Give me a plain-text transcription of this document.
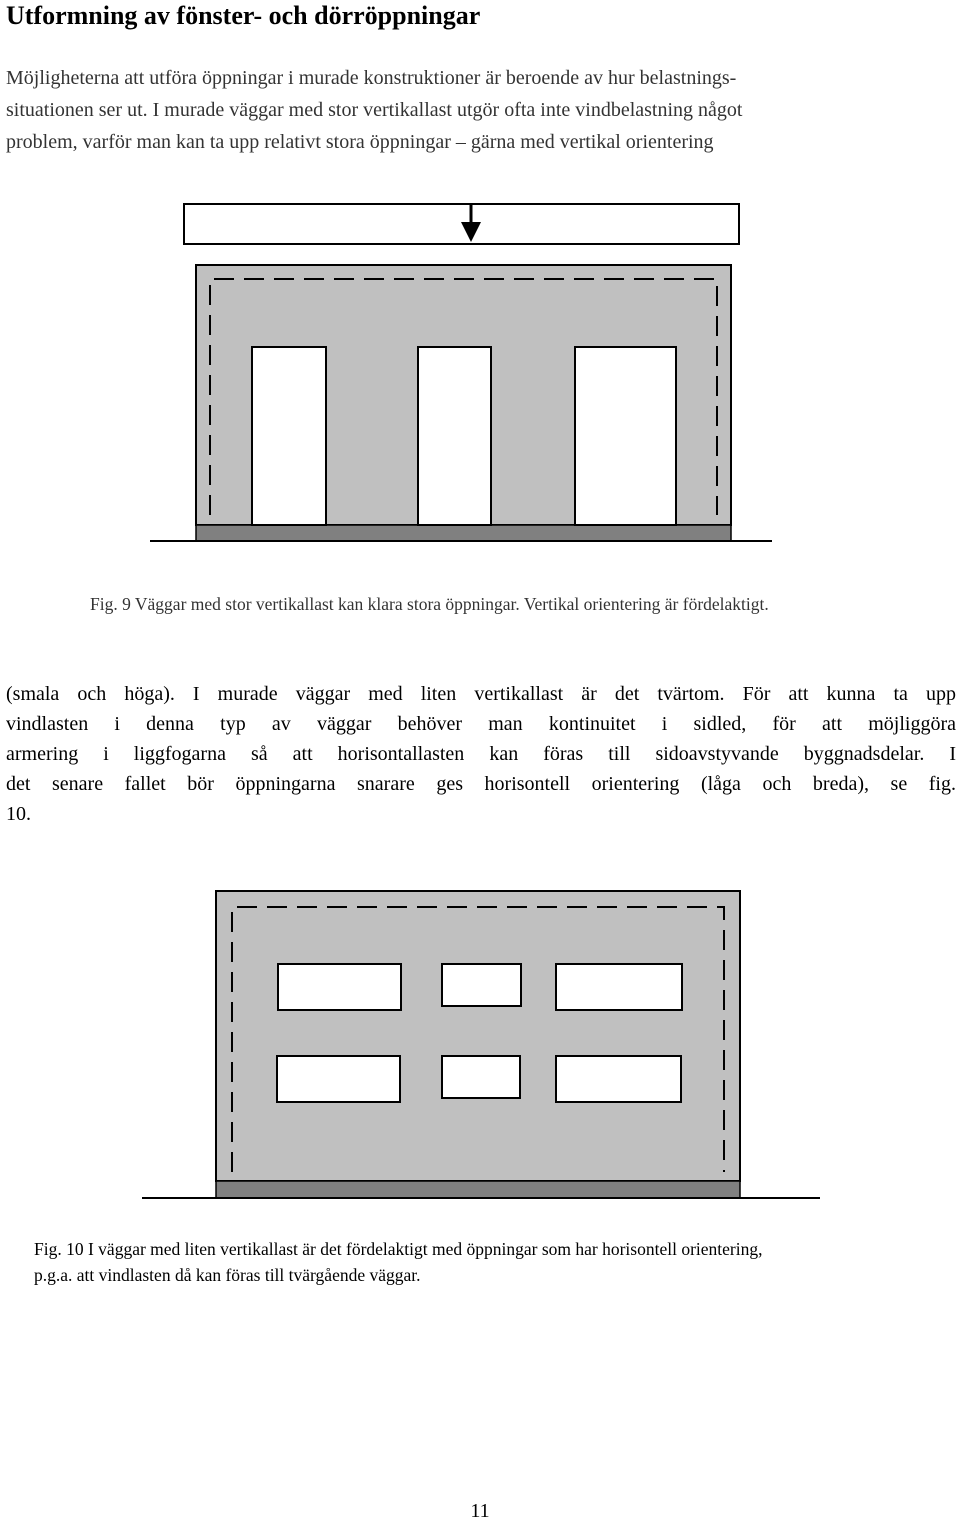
Utformning av fönster- och dörröppningar

Möjligheterna att utföra öppningar i murade konstruktioner är beroende av hur belastnings-
situationen ser ut. I murade väggar med stor vertikallast utgör ofta inte vindbelastning något
problem, varför man kan ta upp relativt stora öppningar – gärna med vertikal orientering

Fig. 9 Väggar med stor vertikallast kan klara stora öppningar. Vertikal orientering är fördelaktigt.

(smala och höga). I murade väggar med liten vertikallast är det tvärtom. För att kunna ta upp
vindlasten i denna typ av väggar behöver man kontinuitet i sidled, för att möjliggöra
armering i liggfogarna så att horisontallasten kan föras till sidoavstyvande byggnadsdelar. I
det senare fallet bör öppningarna snarare ges horisontell orientering (låga och breda), se fig.
10.

Fig. 10 I väggar med liten vertikallast är det fördelaktigt med öppningar som har horisontell orientering,
p.g.a. att vindlasten då kan föras till tvärgående väggar.

11
